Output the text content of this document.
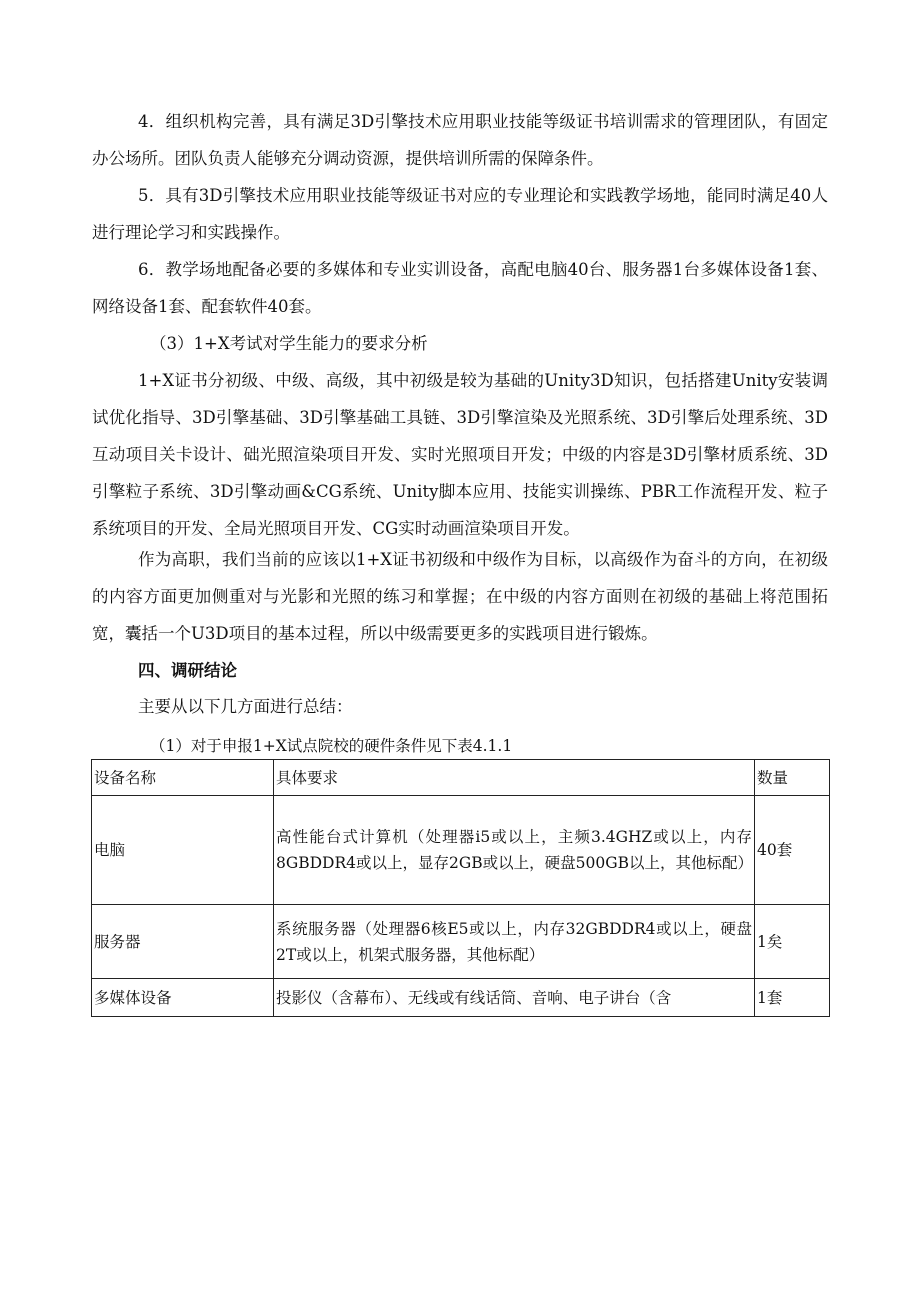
4．组织机构完善，具有满足3D引擎技术应用职业技能等级证书培训需求的管理团队，有固定办公场所。团队负责人能够充分调动资源，提供培训所需的保障条件。

5．具有3D引擎技术应用职业技能等级证书对应的专业理论和实践教学场地，能同时满足40人进行理论学习和实践操作。

6．教学场地配备必要的多媒体和专业实训设备，高配电脑40台、服务器1台多媒体设备1套、网络设备1套、配套软件40套。

（3）1+X考试对学生能力的要求分析

1+X证书分初级、中级、高级，其中初级是较为基础的Unity3D知识，包括搭建Unity安装调试优化指导、3D引擎基础、3D引擎基础工具链、3D引擎渲染及光照系统、3D引擎后处理系统、3D互动项目关卡设计、础光照渲染项目开发、实时光照项目开发；中级的内容是3D引擎材质系统、3D引擎粒子系统、3D引擎动画&CG系统、Unity脚本应用、技能实训操练、PBR工作流程开发、粒子系统项目的开发、全局光照项目开发、CG实时动画渲染项目开发。

作为高职，我们当前的应该以1+X证书初级和中级作为目标，以高级作为奋斗的方向，在初级的内容方面更加侧重对与光影和光照的练习和掌握；在中级的内容方面则在初级的基础上将范围拓宽，囊括一个U3D项目的基本过程，所以中级需要更多的实践项目进行锻炼。

四、调研结论

主要从以下几方面进行总结：

（1）对于申报1+X试点院校的硬件条件见下表4.1.1
设备名称	具体要求	数量
电脑	高性能台式计算机（处理器i5或以上，主频3.4GHZ或以上，内存8GBDDR4或以上，显存2GB或以上，硬盘500GB以上，其他标配）	40套
服务器	系统服务器（处理器6核E5或以上，内存32GBDDR4或以上，硬盘2T或以上，机架式服务器，其他标配）	1矣
多媒体设备	投影仪（含幕布）、无线或有线话筒、音响、电子讲台（含	1套
